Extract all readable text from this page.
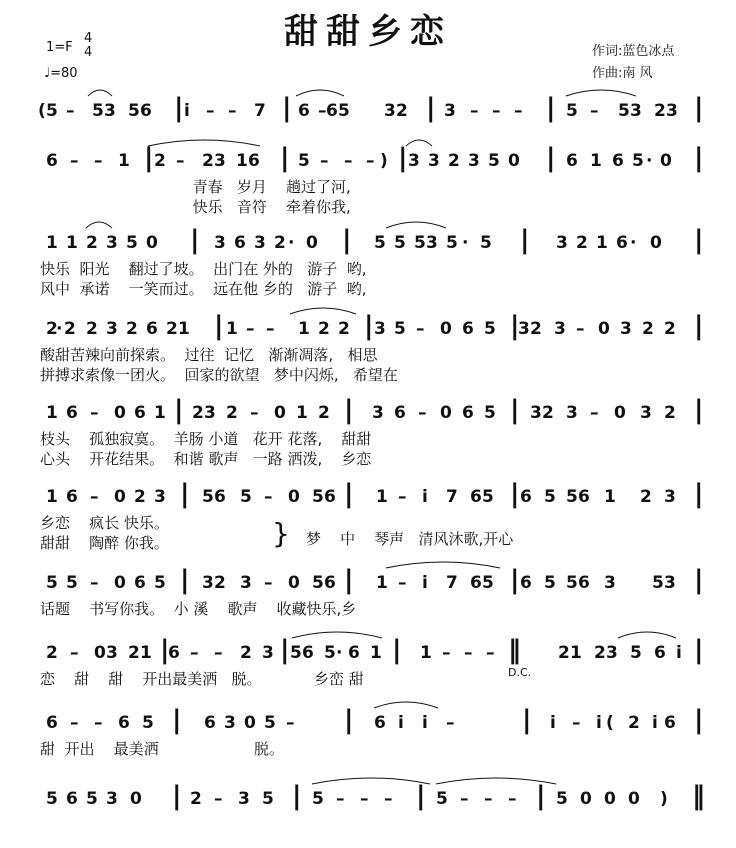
甜甜乡恋
1=F
4
4
♩=80
作词:蓝色冰点
作曲:南 风
( 5 – 5 3 5 6 | i – – 7 | 6 – 6 5 3 2 | 3 – – – | 5 – 5 3 2 3 |
6 – – 1 | 2 – 2 3 1 6 | 5 – – – ) | 3 3 2 3 5 0 | 6 1 6 5 · 0 |
1 1 2 3 5 0 | 3 6 3 2 · 0 | 5 5 5 3 5 · 5 | 3 2 1 6 · 0 |
2
· 2 2 3 2 6 2 1 | 1 – – 1 2 2 | 3 5 – 0 6 5 |
3 2 3 – 0 3 2 2 |
1 6 – 0 6 1 | 2 3 2 – 0 1 2 | 3 6 – 0 6 5 | 3 2 3 – 0 3 2 |
1 6 – 0 2 3 | 5 6 5 – 0 5 6 | 1 – i 7 6 5 | 6 5 5 6 1 2 3 |
5 5 – 0 6 5 | 3 2 3 – 0 5 6 | 1 – i 7 6 5 | 6 5 5 6 3 5 3 |
2 – 0 3 2 1 |
6 – – 2 3 | 5 6 5 · 6 1 | 1 – – – ‖ 2 1 2 3 5 6 i |
6 – – 6 5 | 6 3 0 5 – | 6 i i –	| i – i ( 2 i 6 |
5 6 5 3 0 | 2 – 3 5 | 5 – – – | 5 – – – | 5 0 0 0 ) ‖
青春   岁月    趟过了河,
快乐   音符    牵着你我,
快乐  阳光    翻过了坡。  出门在 外的   游子  哟,
风中  承诺    一笑而过。  远在他 乡的   游子  哟,
酸甜苦辣向前探索。  过往  记忆   渐渐凋落,   相思
拼搏求索像一团火。  回家的欲望   梦中闪烁,   希望在
枝头    孤独寂寞。  羊肠 小道   花开 花落,    甜甜
心头    开花结果。  和谐 歌声   一路 洒泼,    乡恋
乡恋    疯长 快乐。
甜甜    陶醉 你我。
话题    书写你我。  小 溪    歌声    收藏快乐,乡
恋    甜    甜    开出最美洒   脱。           乡峦 甜
甜  开出    最美洒                    脱。
D.C.
} 梦    中    琴声   清风沐歌,开心
